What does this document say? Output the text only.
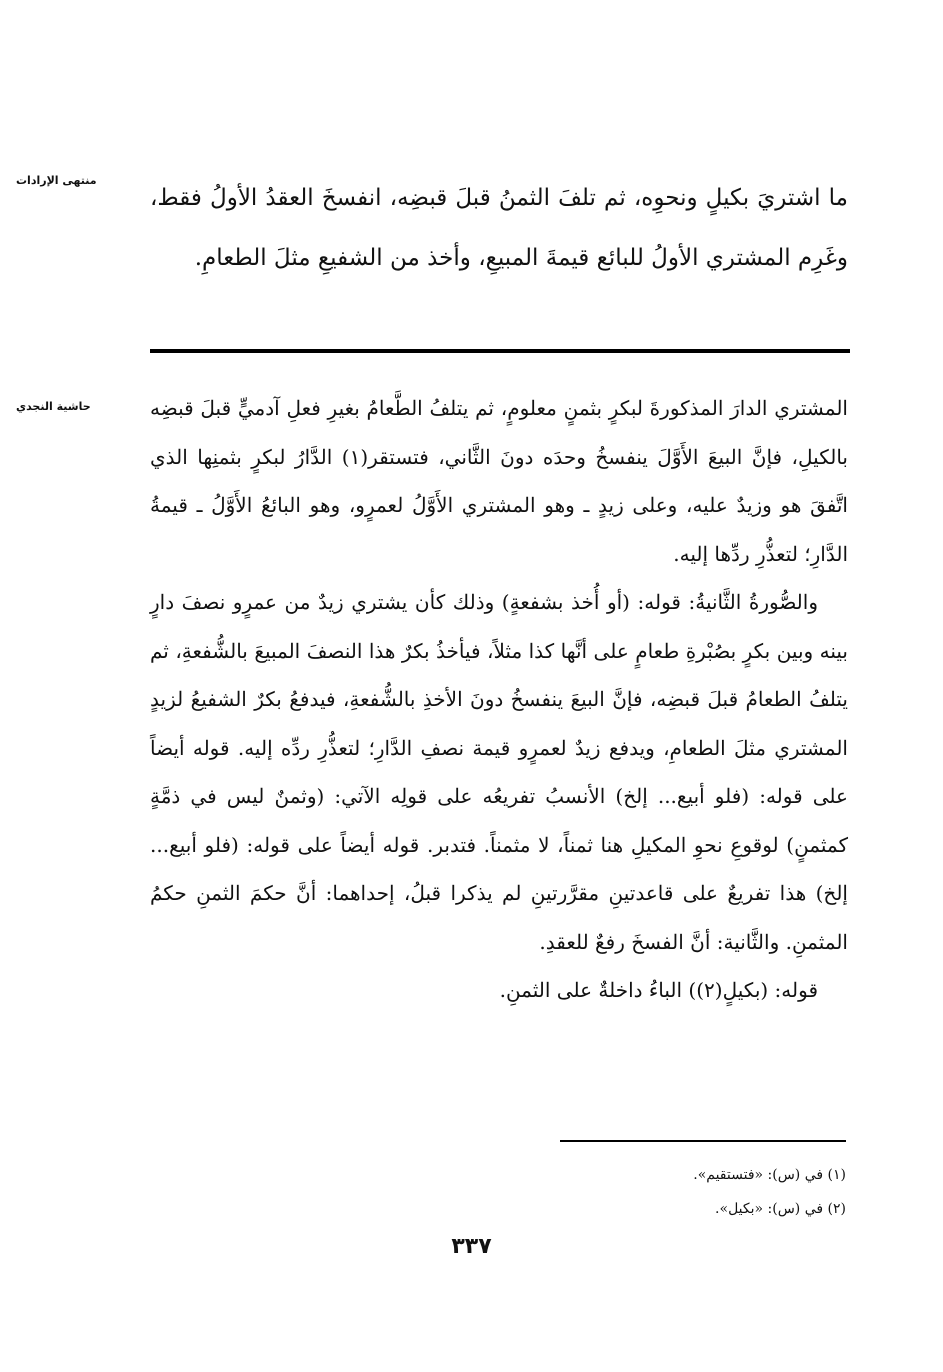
منتهى الإرادات
ما اشتريَ بكيلٍ ونحوِه، ثم تلفَ الثمنُ قبلَ قبضِه، انفسخَ العقدُ الأولُ فقط، وغَرِم المشتري الأولُ للبائع قيمةَ المبيعِ، وأخذ من الشفيعِ مثلَ الطعامِ.
حاشية النجدي	المشتري الدارَ المذكورةَ لبكرٍ بثمنٍ معلومٍ، ثم يتلفُ الطَّعامُ بغيرِ فعلِ آدميٍّ قبلَ قبضِه بالكيلِ، فإنَّ البيعَ الأَوَّلَ ينفسخُ وحدَه دونَ الثَّاني، فتستقر(١) الدَّارُ لبكرٍ بثمنِها الذي اتَّفقَ هو وزيدٌ عليه، وعلى زيدٍ ـ وهو المشتري الأَوَّلُ لعمرٍو، وهو البائعُ الأَوَّلُ ـ قيمةُ الدَّارِ؛ لتعذُّرِ ردِّها إليه.

والصُّورةُ الثَّانيةُ: قوله: (أو أُخذ بشفعةٍ) وذلك كأن يشتري زيدٌ من عمرٍو نصفَ دارٍ بينه وبين بكرٍ بصُبْرةِ طعامٍ على أنَّها كذا مثلاً، فيأخذُ بكرٌ هذا النصفَ المبيعَ بالشُّفعةِ، ثم يتلفُ الطعامُ قبلَ قبضِه، فإنَّ البيعَ ينفسخُ دونَ الأخذِ بالشُّفعةِ، فيدفعُ بكرٌ الشفيعُ لزيدٍ المشتري مثلَ الطعامِ، ويدفع زيدٌ لعمرٍو قيمة نصفِ الدَّارِ؛ لتعذُّرِ ردِّه إليه. قوله أيضاً على قوله: (فلو أبيع... إلخ) الأنسبُ تفريعُه على قولِه الآتي: (وثمنٌ ليس في ذمَّةٍ كمثمنٍ) لوقوعِ نحوِ المكيلِ هنا ثمناً، لا مثمناً. فتدبر. قوله أيضاً على قوله: (فلو أبيع... إلخ) هذا تفريعٌ على قاعدتينِ مقرَّرتينِ لم يذكرا قبلُ، إحداهما: أنَّ حكمَ الثمنِ حكمُ المثمنِ. والثَّانية: أنَّ الفسخَ رفعٌ للعقدِ.

قوله: (بكيلٍ(٢)) الباءُ داخلةٌ على الثمنِ.

(١) في (س): «فتستقيم».
(٢) في (س): «بكيل».
٣٣٧
